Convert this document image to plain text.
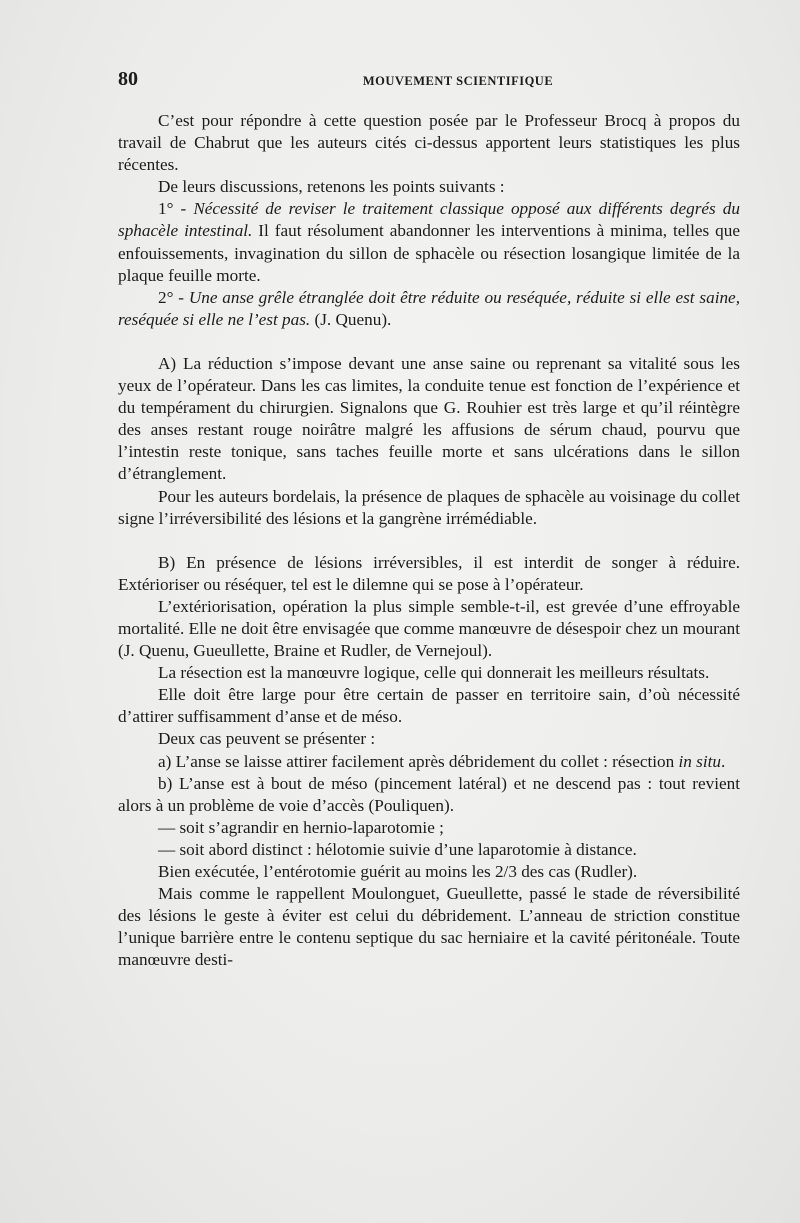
80	MOUVEMENT SCIENTIFIQUE

C’est pour répondre à cette question posée par le Professeur Brocq à propos du travail de Chabrut que les auteurs cités ci-dessus apportent leurs statistiques les plus récentes.

De leurs discussions, retenons les points suivants :

1° - Nécessité de reviser le traitement classique opposé aux différents degrés du sphacèle intestinal. Il faut résolument abandonner les interventions à minima, telles que enfouissements, invagination du sillon de sphacèle ou résection losangique limitée de la plaque feuille morte.

2° - Une anse grêle étranglée doit être réduite ou reséquée, réduite si elle est saine, reséquée si elle ne l’est pas. (J. Quenu).

A) La réduction s’impose devant une anse saine ou reprenant sa vitalité sous les yeux de l’opérateur. Dans les cas limites, la conduite tenue est fonction de l’expérience et du tempérament du chirurgien. Signalons que G. Rouhier est très large et qu’il réintègre des anses restant rouge noirâtre malgré les affusions de sérum chaud, pourvu que l’intestin reste tonique, sans taches feuille morte et sans ulcérations dans le sillon d’étranglement.

Pour les auteurs bordelais, la présence de plaques de sphacèle au voisinage du collet signe l’irréversibilité des lésions et la gangrène irrémédiable.

B) En présence de lésions irréversibles, il est interdit de songer à réduire. Extérioriser ou réséquer, tel est le dilemne qui se pose à l’opérateur.

L’extériorisation, opération la plus simple semble-t-il, est grevée d’une effroyable mortalité. Elle ne doit être envisagée que comme manœuvre de désespoir chez un mourant (J. Quenu, Gueullette, Braine et Rudler, de Vernejoul).

La résection est la manœuvre logique, celle qui donnerait les meilleurs résultats.

Elle doit être large pour être certain de passer en territoire sain, d’où nécessité d’attirer suffisamment d’anse et de méso.

Deux cas peuvent se présenter :

a) L’anse se laisse attirer facilement après débridement du collet : résection in situ.

b) L’anse est à bout de méso (pincement latéral) et ne descend pas : tout revient alors à un problème de voie d’accès (Pouliquen).

— soit s’agrandir en hernio-laparotomie ;

— soit abord distinct : hélotomie suivie d’une laparotomie à distance.

Bien exécutée, l’entérotomie guérit au moins les 2/3 des cas (Rudler).

Mais comme le rappellent Moulonguet, Gueullette, passé le stade de réversibilité des lésions le geste à éviter est celui du débridement. L’anneau de striction constitue l’unique barrière entre le contenu septique du sac herniaire et la cavité péritonéale. Toute manœuvre desti-
